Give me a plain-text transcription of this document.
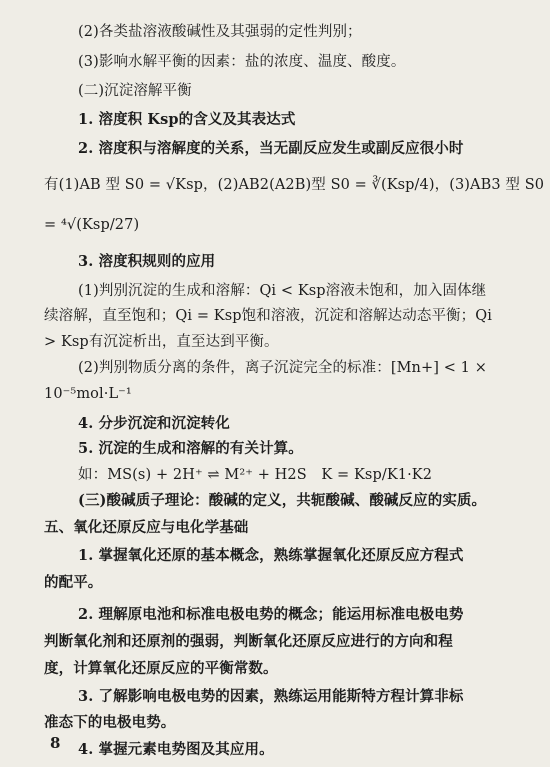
(2)各类盐溶液酸碱性及其强弱的定性判别；
(3)影响水解平衡的因素：盐的浓度、温度、酸度。
(二)沉淀溶解平衡
1. 溶度积 Ksp的含义及其表达式
2. 溶度积与溶解度的关系，当无副反应发生或副反应很小时
有(1)AB 型 S0 = √Ksp，(2)AB2(A2B)型 S0 = ∛(Ksp/4)，(3)AB3 型 S0
= ⁴√(Ksp/27)
3. 溶度积规则的应用
(1)判别沉淀的生成和溶解：Qi < Ksp溶液未饱和，加入固体继
续溶解，直至饱和；Qi = Ksp饱和溶液，沉淀和溶解达动态平衡；Qi
> Ksp有沉淀析出，直至达到平衡。
(2)判别物质分离的条件，离子沉淀完全的标准：[Mn+] < 1 ×
10⁻⁵mol·L⁻¹
4. 分步沉淀和沉淀转化
5. 沉淀的生成和溶解的有关计算。
如：MS(s) + 2H⁺ ⇌ M²⁺ + H2S　K = Ksp/K1·K2
(三)酸碱质子理论：酸碱的定义，共轭酸碱、酸碱反应的实质。
五、氧化还原反应与电化学基础
1. 掌握氧化还原的基本概念，熟练掌握氧化还原反应方程式
的配平。
2. 理解原电池和标准电极电势的概念；能运用标准电极电势
判断氧化剂和还原剂的强弱，判断氧化还原反应进行的方向和程
度，计算氧化还原反应的平衡常数。
3. 了解影响电极电势的因素，熟练运用能斯特方程计算非标
准态下的电极电势。
4. 掌握元素电势图及其应用。
8
